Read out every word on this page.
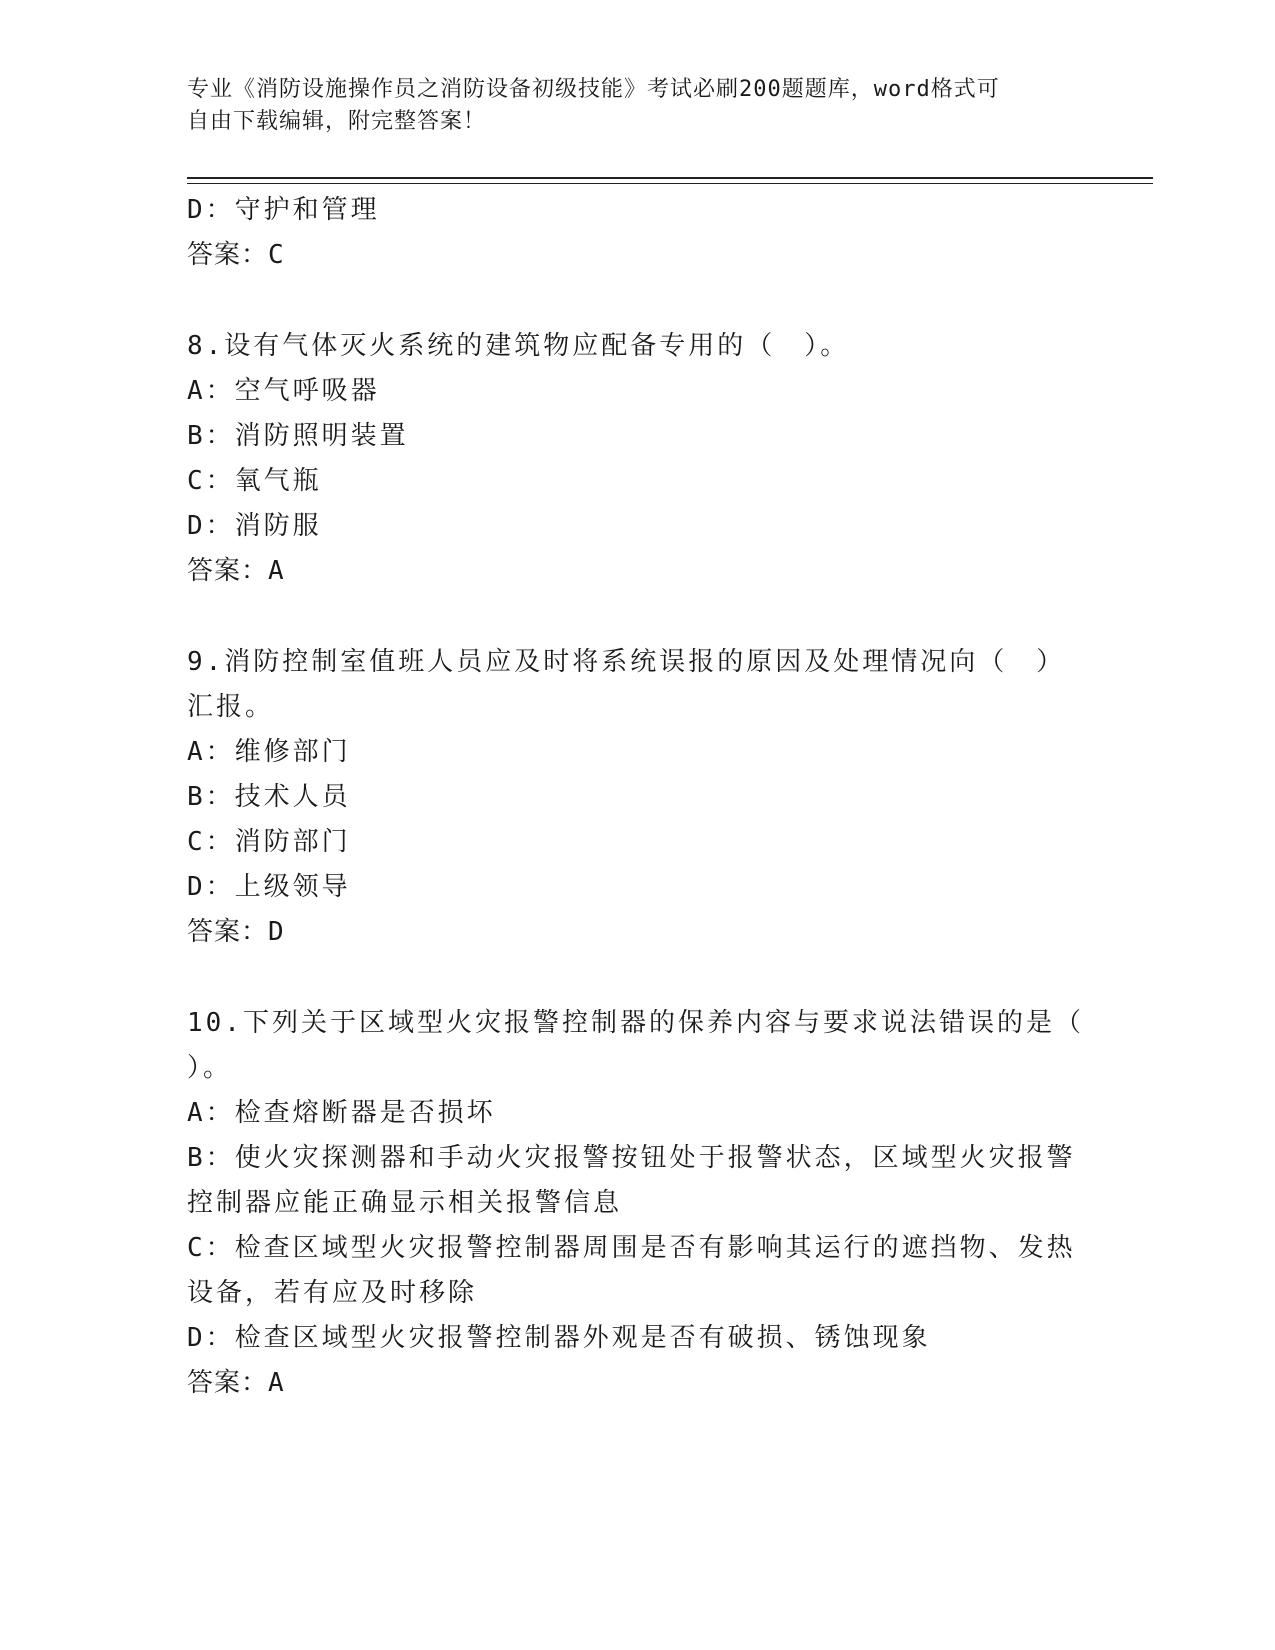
专业《消防设施操作员之消防设备初级技能》考试必刷200题题库，word格式可
自由下载编辑，附完整答案！
D：守护和管理
答案：C
8.设有气体灭火系统的建筑物应配备专用的（　）。
A：空气呼吸器
B：消防照明装置
C：氧气瓶
D：消防服
答案：A
9.消防控制室值班人员应及时将系统误报的原因及处理情况向（　）
汇报。
A：维修部门
B：技术人员
C：消防部门
D：上级领导
答案：D
10.下列关于区域型火灾报警控制器的保养内容与要求说法错误的是（
）。
A：检查熔断器是否损坏
B：使火灾探测器和手动火灾报警按钮处于报警状态，区域型火灾报警
控制器应能正确显示相关报警信息
C：检查区域型火灾报警控制器周围是否有影响其运行的遮挡物、发热
设备，若有应及时移除
D：检查区域型火灾报警控制器外观是否有破损、锈蚀现象
答案：A
